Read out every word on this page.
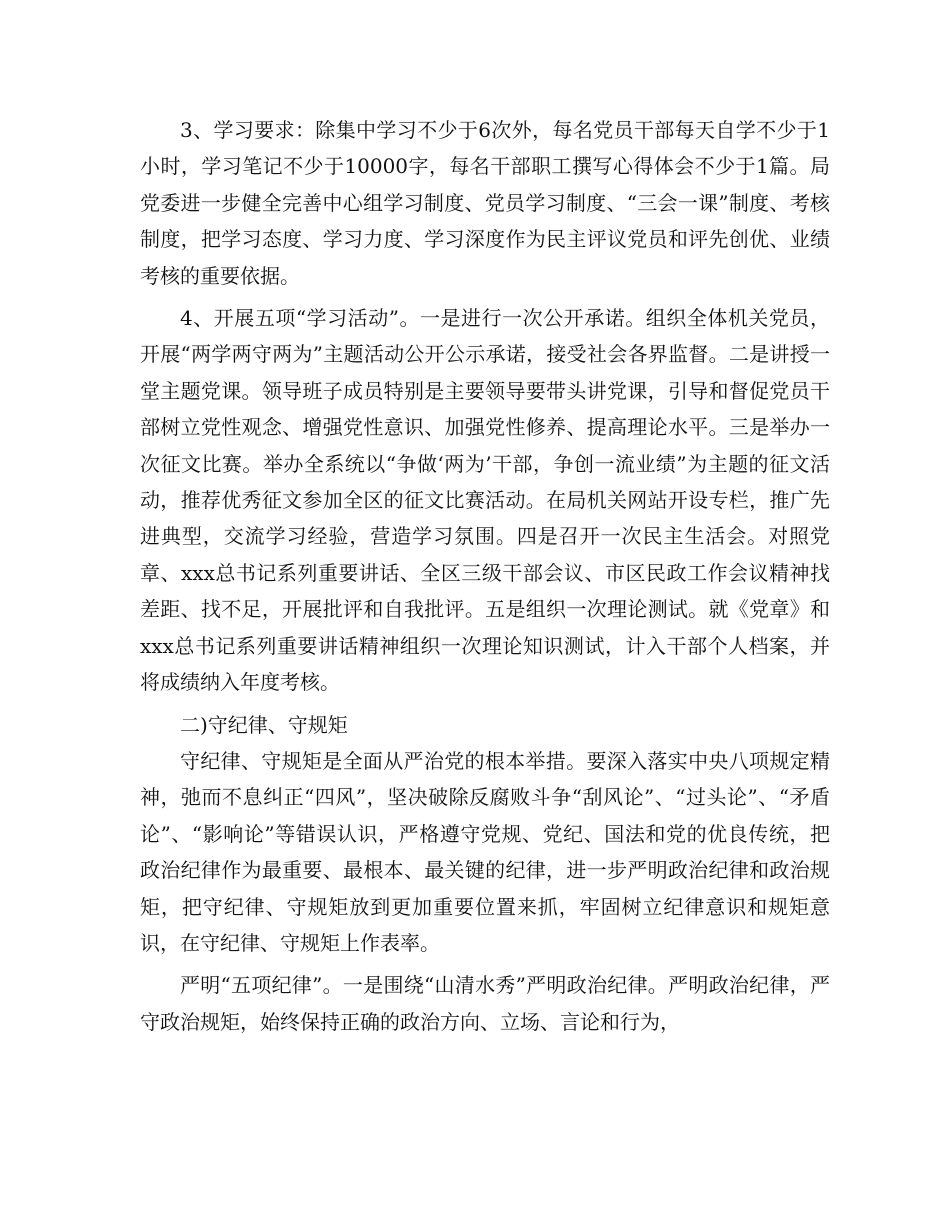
3、学习要求：除集中学习不少于6次外，每名党员干部每天自学不少于1小时，学习笔记不少于10000字，每名干部职工撰写心得体会不少于1篇。局党委进一步健全完善中心组学习制度、党员学习制度、“三会一课”制度、考核制度，把学习态度、学习力度、学习深度作为民主评议党员和评先创优、业绩考核的重要依据。

4、开展五项“学习活动”。一是进行一次公开承诺。组织全体机关党员，开展“两学两守两为”主题活动公开公示承诺，接受社会各界监督。二是讲授一堂主题党课。领导班子成员特别是主要领导要带头讲党课，引导和督促党员干部树立党性观念、增强党性意识、加强党性修养、提高理论水平。三是举办一次征文比赛。举办全系统以“争做‘两为’干部，争创一流业绩”为主题的征文活动，推荐优秀征文参加全区的征文比赛活动。在局机关网站开设专栏，推广先进典型，交流学习经验，营造学习氛围。四是召开一次民主生活会。对照党章、xxx总书记系列重要讲话、全区三级干部会议、市区民政工作会议精神找差距、找不足，开展批评和自我批评。五是组织一次理论测试。就《党章》和xxx总书记系列重要讲话精神组织一次理论知识测试，计入干部个人档案，并将成绩纳入年度考核。

二)守纪律、守规矩

守纪律、守规矩是全面从严治党的根本举措。要深入落实中央八项规定精神，弛而不息纠正“四风”，坚决破除反腐败斗争“刮风论”、“过头论”、“矛盾论”、“影响论”等错误认识，严格遵守党规、党纪、国法和党的优良传统，把政治纪律作为最重要、最根本、最关键的纪律，进一步严明政治纪律和政治规矩，把守纪律、守规矩放到更加重要位置来抓，牢固树立纪律意识和规矩意识，在守纪律、守规矩上作表率。

严明“五项纪律”。一是围绕“山清水秀”严明政治纪律。严明政治纪律，严守政治规矩，始终保持正确的政治方向、立场、言论和行为，
